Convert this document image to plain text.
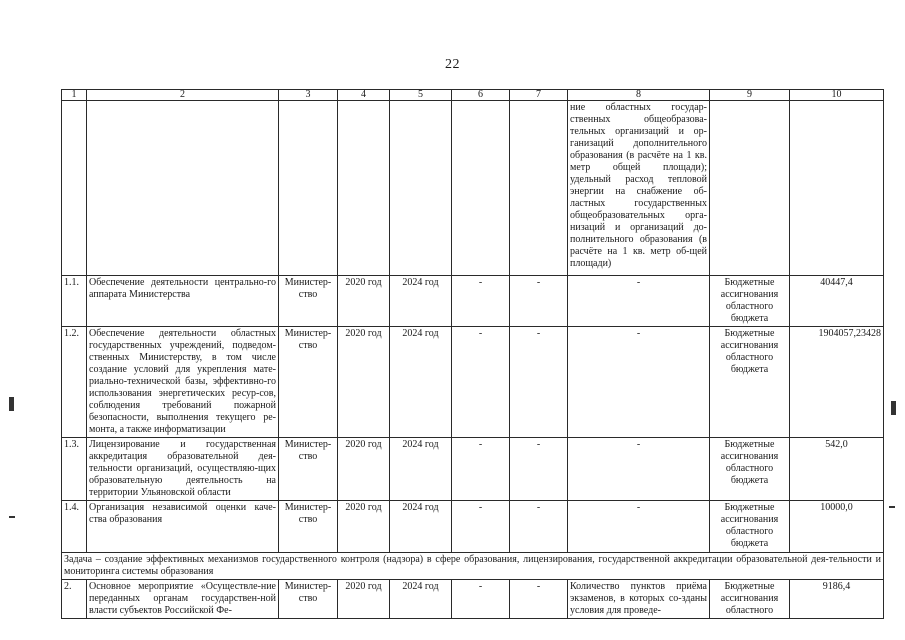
22
1	2	3	4	5	6	7	8	9	10
							ние областных государ-ственных общеобразова-тельных организаций и ор-ганизаций дополнительного образования (в расчёте на 1 кв. метр общей площади); удельный расход тепловой энергии на снабжение об-ластных государственных общеобразовательных орга-низаций и организаций до-полнительного образования (в расчёте на 1 кв. метр об-щей площади)		
1.1.	Обеспечение деятельности центрально-го аппарата Министерства	Министер-ство	2020 год	2024 год	-	-	-	Бюджетные ассигнования областного бюджета	40447,4
1.2.	Обеспечение деятельности областных государственных учреждений, подведом-ственных Министерству, в том числе создание условий для укрепления мате-риально-технической базы, эффективно-го использования энергетических ресур-сов, соблюдения требований пожарной безопасности, выполнения текущего ре-монта, а также информатизации	Министер-ство	2020 год	2024 год	-	-	-	Бюджетные ассигнования областного бюджета	1904057,23428
1.3.	Лицензирование и государственная аккредитация образовательной дея-тельности организаций, осуществляю-щих образовательную деятельность на территории Ульяновской области	Министер-ство	2020 год	2024 год	-	-	-	Бюджетные ассигнования областного бюджета	542,0
1.4.	Организация независимой оценки каче-ства образования	Министер-ство	2020 год	2024 год	-	-	-	Бюджетные ассигнования областного бюджета	10000,0
Задача – создание эффективных механизмов государственного контроля (надзора) в сфере образования, лицензирования, государственной аккредитации образовательной дея-тельности и мониторинга системы образования									
2.	Основное мероприятие «Осуществле-ние переданных органам государствен-ной власти субъектов Российской Фе-	Министер-ство	2020 год	2024 год	-	-	Количество пунктов приёма экзаменов, в которых со-зданы условия для проведе-	Бюджетные ассигнования областного	9186,4
